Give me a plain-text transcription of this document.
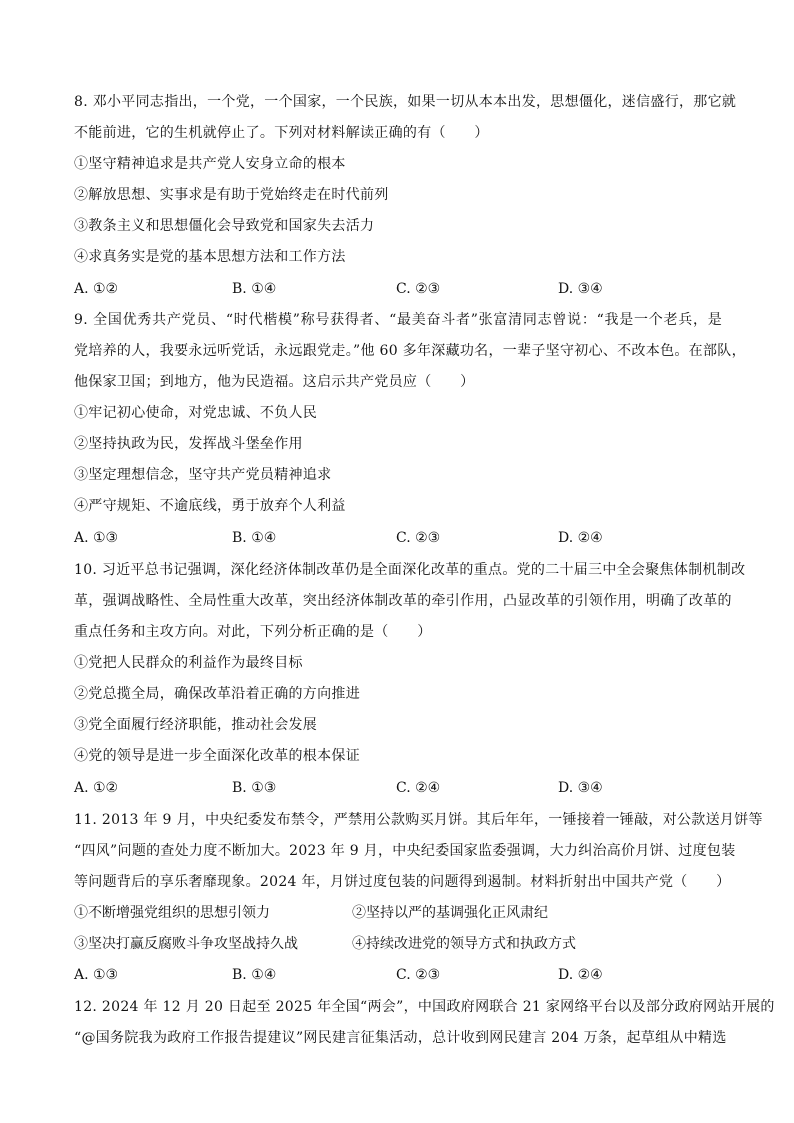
8. 邓小平同志指出，一个党，一个国家，一个民族，如果一切从本本出发，思想僵化，迷信盛行，那它就
不能前进，它的生机就停止了。下列对材料解读正确的有（　　）
①坚守精神追求是共产党人安身立命的根本
②解放思想、实事求是有助于党始终走在时代前列
③教条主义和思想僵化会导致党和国家失去活力
④求真务实是党的基本思想方法和工作方法
A. ①②	B. ①④	C. ②③	D. ③④
9. 全国优秀共产党员、“时代楷模”称号获得者、“最美奋斗者”张富清同志曾说：“我是一个老兵，是
党培养的人，我要永远听党话，永远跟党走。”他 60 多年深藏功名，一辈子坚守初心、不改本色。在部队，
他保家卫国；到地方，他为民造福。这启示共产党员应（　　）
①牢记初心使命，对党忠诚、不负人民
②坚持执政为民，发挥战斗堡垒作用
③坚定理想信念，坚守共产党员精神追求
④严守规矩、不逾底线，勇于放弃个人利益
A. ①③	B. ①④	C. ②③	D. ②④
10. 习近平总书记强调，深化经济体制改革仍是全面深化改革的重点。党的二十届三中全会聚焦体制机制改
革，强调战略性、全局性重大改革，突出经济体制改革的牵引作用，凸显改革的引领作用，明确了改革的
重点任务和主攻方向。对此，下列分析正确的是（　　）
①党把人民群众的利益作为最终目标
②党总揽全局，确保改革沿着正确的方向推进
③党全面履行经济职能，推动社会发展
④党的领导是进一步全面深化改革的根本保证
A. ①②	B. ①③	C. ②④	D. ③④
11. 2013 年 9 月，中央纪委发布禁令，严禁用公款购买月饼。其后年年，一锤接着一锤敲，对公款送月饼等
“四风”问题的查处力度不断加大。2023 年 9 月，中央纪委国家监委强调，大力纠治高价月饼、过度包装
等问题背后的享乐奢靡现象。2024 年，月饼过度包装的问题得到遏制。材料折射出中国共产党（　　）
①不断增强党组织的思想引领力	②坚持以严的基调强化正风肃纪
③坚决打赢反腐败斗争攻坚战持久战	④持续改进党的领导方式和执政方式
A. ①③	B. ①④	C. ②③	D. ②④
12. 2024 年 12 月 20 日起至 2025 年全国“两会”，中国政府网联合 21 家网络平台以及部分政府网站开展的
“@国务院我为政府工作报告提建议”网民建言征集活动，总计收到网民建言 204 万条，起草组从中精选
